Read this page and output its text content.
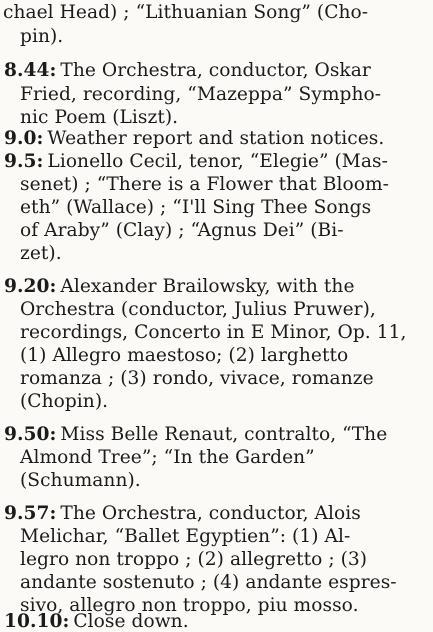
chael Head) ; “Lithuanian Song” (Cho-

pin).

8.44: The Orchestra, conductor, Oskar

Fried, recording, “Mazeppa” Sympho-

nic Poem (Liszt).

9.0: Weather report and station notices.

9.5: Lionello Cecil, tenor, “Elegie” (Mas-

senet) ; “There is a Flower that Bloom-

eth” (Wallace) ; “I'll Sing Thee Songs

of Araby” (Clay) ; “Agnus Dei” (Bi-

zet).

9.20: Alexander Brailowsky, with the

Orchestra (conductor, Julius Pruwer),

recordings, Concerto in E Minor, Op. 11,

(1) Allegro maestoso; (2) larghetto

romanza ; (3) rondo, vivace, romanze

(Chopin).

9.50: Miss Belle Renaut, contralto, “The

Almond Tree”; “In the Garden”

(Schumann).

9.57: The Orchestra, conductor, Alois

Melichar, “Ballet Egyptien”: (1) Al-

legro non troppo ; (2) allegretto ; (3)

andante sostenuto ; (4) andante espres-

sivo, allegro non troppo, piu mosso.

10.10: Close down.
